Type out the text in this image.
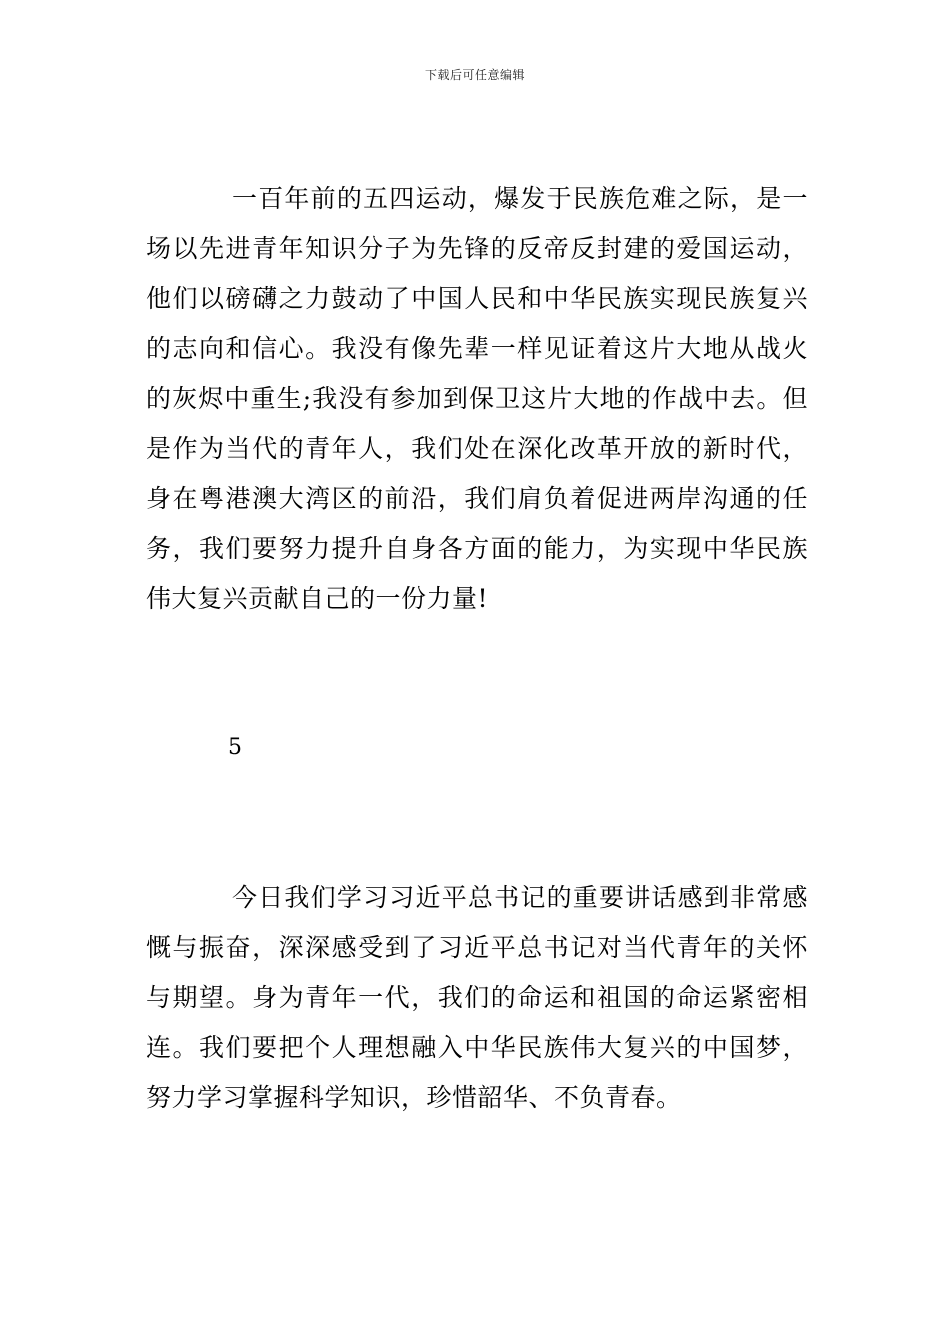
下载后可任意编辑

一百年前的五四运动，爆发于民族危难之际，是一场以先进青年知识分子为先锋的反帝反封建的爱国运动，他们以磅礴之力鼓动了中国人民和中华民族实现民族复兴的志向和信心。我没有像先辈一样见证着这片大地从战火的灰烬中重生;我没有参加到保卫这片大地的作战中去。但是作为当代的青年人，我们处在深化改革开放的新时代，身在粤港澳大湾区的前沿，我们肩负着促进两岸沟通的任务，我们要努力提升自身各方面的能力，为实现中华民族伟大复兴贡献自己的一份力量!

5

今日我们学习习近平总书记的重要讲话感到非常感慨与振奋，深深感受到了习近平总书记对当代青年的关怀与期望。身为青年一代，我们的命运和祖国的命运紧密相连。我们要把个人理想融入中华民族伟大复兴的中国梦，努力学习掌握科学知识，珍惜韶华、不负青春。
